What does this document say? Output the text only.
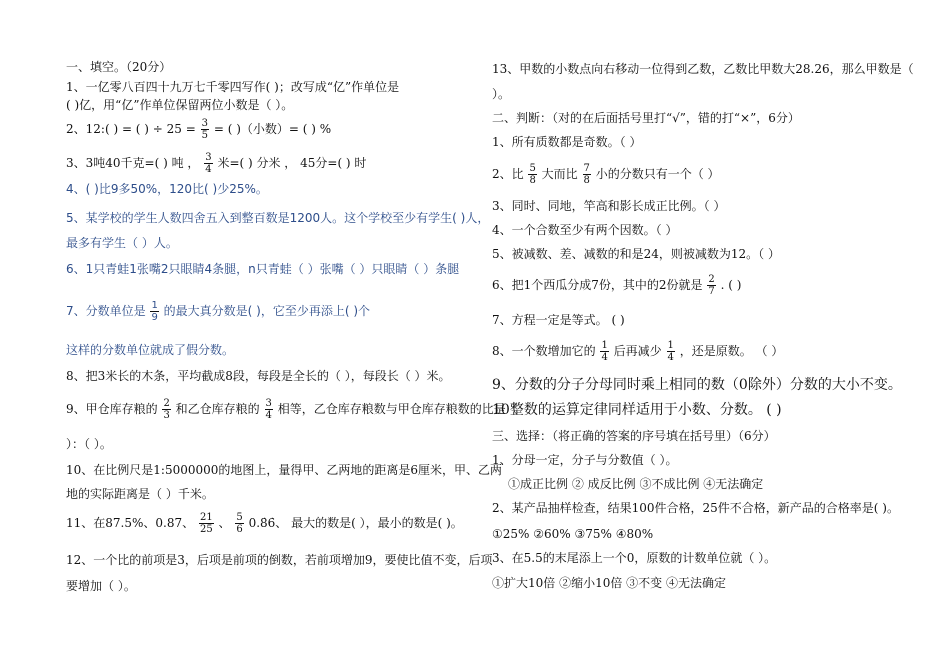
一、填空。（20分）
1、一亿零八百四十九万七千零四写作( )；改写成“亿”作单位是
( )亿，用“亿”作单位保留两位小数是（ ）。
2、12:( ) = ( ) ÷ $25 = \frac{3}{5}$ = ( )（小数）= ( ) %
3、3吨40千克=( ) 吨 ， $\frac{3}{4}$ 米=( ) 分米 ， 45分=( ) 时
4、( )比9多50%，120比( )少25%。
5、某学校的学生人数四舍五入到整百数是1200人。这个学校至少有学生( )人，
最多有学生（ ）人。
6、1只青蛙1张嘴2只眼睛4条腿，n只青蛙（ ）张嘴（ ）只眼睛（ ）条腿
7、分数单位是 $\frac{1}{9}$ 的最大真分数是( )，它至少再添上( )个
这样的分数单位就成了假分数。
8、把3米长的木条，平均截成8段，每段是全长的（ ），每段长（ ）米。
9、甲仓库存粮的 $\frac{2}{3}$ 和乙仓库存粮的 $\frac{3}{4}$ 相等，乙仓库存粮数与甲仓库存粮数的比是（
）：（ ）。
10、在比例尺是1:5000000的地图上，量得甲、乙两地的距离是6厘米，甲、乙两
地的实际距离是（ ）千米。
11、在87.5%、0.87、 $\frac{21}{25}$ 、 $\frac{5}{6}$ 0.8̇6̇、 最大的数是( ），最小的数是( )。
12、一个比的前项是3，后项是前项的倒数，若前项增加9，要使比值不变，后项
要增加（ ）。
13、甲数的小数点向右移动一位得到乙数，乙数比甲数大28.26，那么甲数是（
）。
二、判断：（对的在后面括号里打“√”，错的打“×”，6分）
1、所有质数都是奇数。（ ）
2、比 $\frac{5}{8}$ 大而比 $\frac{7}{8}$ 小的分数只有一个（ ）
3、同时、同地，竿高和影长成正比例。（ ）
4、一个合数至少有两个因数。（ ）
5、被减数、差、减数的和是24，则被减数为12。（ ）
6、把1个西瓜分成7份，其中的2份就是 $\frac{2}{7}$ . ( )
7、方程一定是等式。 ( )
8、一个数增加它的 $\frac{1}{4}$ 后再减少 $\frac{1}{4}$ ，还是原数。 （ ）
9、分数的分子分母同时乘上相同的数（0除外）分数的大小不变。
10整数的运算定律同样适用于小数、分数。 ( )
三、选择：（将正确的答案的序号填在括号里）（6分）
1、分母一定，分子与分数值（ ）。
①成正比例 ② 成反比例 ③不成比例 ④无法确定
2、某产品抽样检查，结果100件合格，25件不合格，新产品的合格率是( )。
①25% ②60% ③75% ④80%
3、在5.5的末尾添上一个0，原数的计数单位就（ ）。
①扩大10倍 ②缩小10倍 ③不变 ④无法确定
